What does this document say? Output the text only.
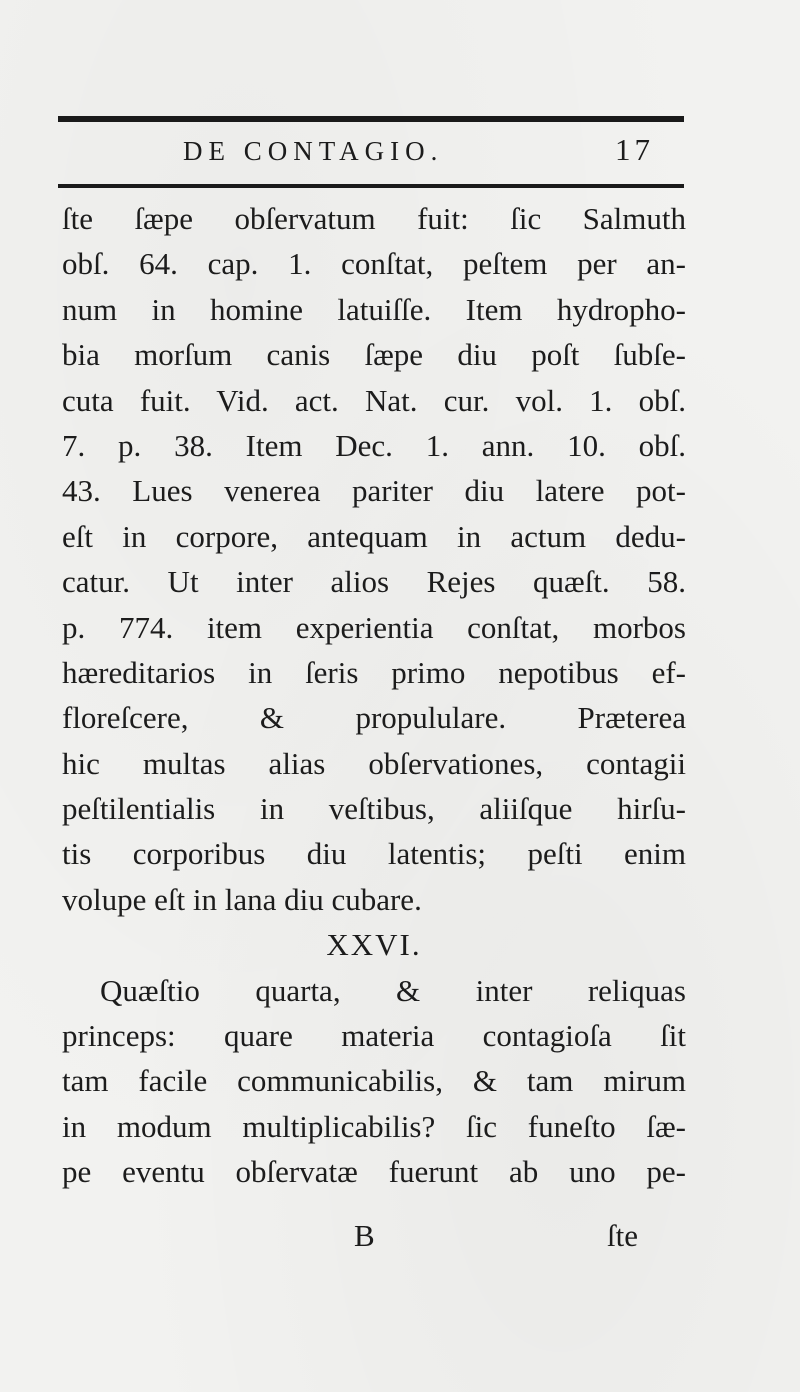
DE CONTAGIO.	17
ſte ſæpe obſervatum fuit: ſic Salmuth
obſ. 64. cap. 1. conſtat, peſtem per an-
num in homine latuiſſe. Item hydropho-
bia morſum canis ſæpe diu poſt ſubſe-
cuta fuit. Vid. act. Nat. cur. vol. 1. obſ.
7. p. 38. Item Dec. 1. ann. 10. obſ.
43. Lues venerea pariter diu latere pot-
eſt in corpore, antequam in actum dedu-
catur. Ut inter alios Rejes quæſt. 58.
p. 774. item experientia conſtat, morbos
hæreditarios in ſeris primo nepotibus ef-
floreſcere, & propululare. Præterea
hic multas alias obſervationes, contagii
peſtilentialis in veſtibus, aliiſque hirſu-
tis corporibus diu latentis; peſti enim
volupe eſt in lana diu cubare.
XXVI.
Quæſtio quarta, & inter reliquas
princeps: quare materia contagioſa ſit
tam facile communicabilis, & tam mirum
in modum multiplicabilis? ſic funeſto ſæ-
pe eventu obſervatæ fuerunt ab uno pe-
B	ſte
